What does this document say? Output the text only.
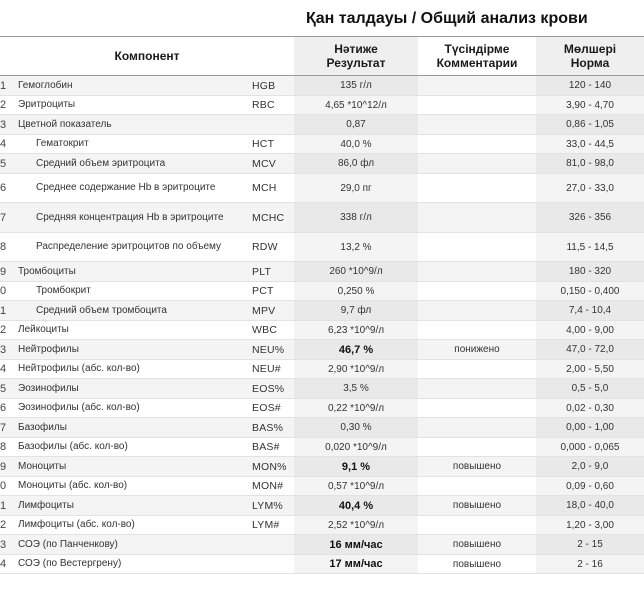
Қан талдауы / Общий анализ крови
Компонент	Нәтиже
Результат
Түсіндірме
Комментарии
Мөлшері
Норма
1	Гемоглобин	HGB	135 г/л	120 - 140
2	Эритроциты	RBC	4,65 *10^12/л	3,90 - 4,70
3	Цветной показатель	0,87	0,86 - 1,05
4	Гематокрит	HCT	40,0 %	33,0 - 44,5
5	Средний объем эритроцита	MCV	86,0 фл	81,0 - 98,0
6	Среднее содержание Hb в эритроците	MCH	29,0 пг	27,0 - 33,0
7	Средняя концентрация Hb в эритроците	MCHC	338 г/л	326 - 356
8	Распределение эритроцитов по объему	RDW	13,2 %	11,5 - 14,5
9	Тромбоциты	PLT	260 *10^9/л	180 - 320
0	Тромбокрит	PCT	0,250 %	0,150 - 0,400
1	Средний объем тромбоцита	MPV	9,7 фл	7,4 - 10,4
2	Лейкоциты	WBC	6,23 *10^9/л	4,00 - 9,00
3	Нейтрофилы	NEU%	46,7 %	понижено	47,0 - 72,0
4	Нейтрофилы (абс. кол-во)	NEU#	2,90 *10^9/л	2,00 - 5,50
5	Эозинофилы	EOS%	3,5 %	0,5 - 5,0
6	Эозинофилы (абс. кол-во)	EOS#	0,22 *10^9/л	0,02 - 0,30
7	Базофилы	BAS%	0,30 %	0,00 - 1,00
8	Базофилы (абс. кол-во)	BAS#	0,020 *10^9/л	0,000 - 0,065
9	Моноциты	MON%	9,1 %	повышено	2,0 - 9,0
0	Моноциты (абс. кол-во)	MON#	0,57 *10^9/л	0,09 - 0,60
1	Лимфоциты	LYM%	40,4 %	повышено	18,0 - 40,0
2	Лимфоциты (абс. кол-во)	LYM#	2,52 *10^9/л	1,20 - 3,00
3	СОЭ (по Панченкову)	16 мм/час	повышено	2 - 15
4	СОЭ (по Вестергрену)	17 мм/час	повышено	2 - 16
